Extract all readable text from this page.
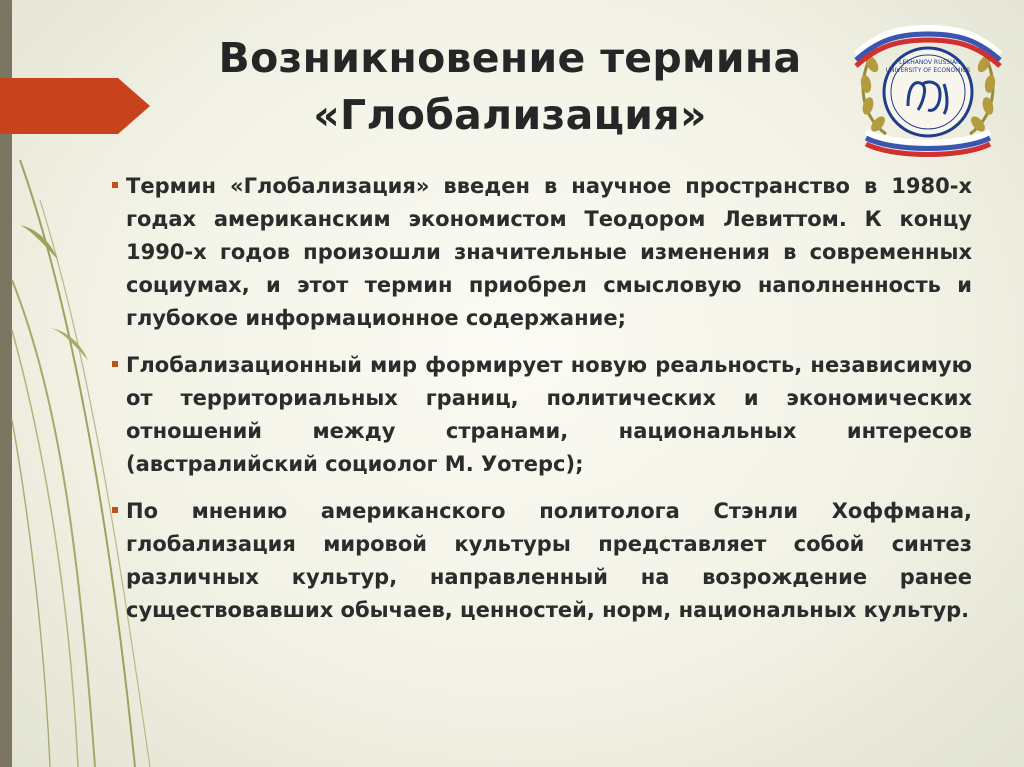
Возникновение термина «Глобализация»
PLEKHANOV RUSSIAN
UNIVERSITY OF ECONOMICS

Термин «Глобализация» введен в научное пространство в 1980-х годах американским экономистом Теодором Левиттом. К концу 1990-х годов произошли значительные изменения в современных социумах, и этот термин приобрел смысловую наполненность и глубокое информационное содержание;

Глобализационный мир формирует новую реальность, независимую от территориальных границ, политических и экономических отношений между странами, национальных интересов (австралийский социолог М. Уотерс);

По мнению американского политолога Стэнли Хоффмана, глобализация мировой культуры представляет собой синтез различных культур, направленный на возрождение ранее существовавших обычаев, ценностей, норм, национальных культур.
